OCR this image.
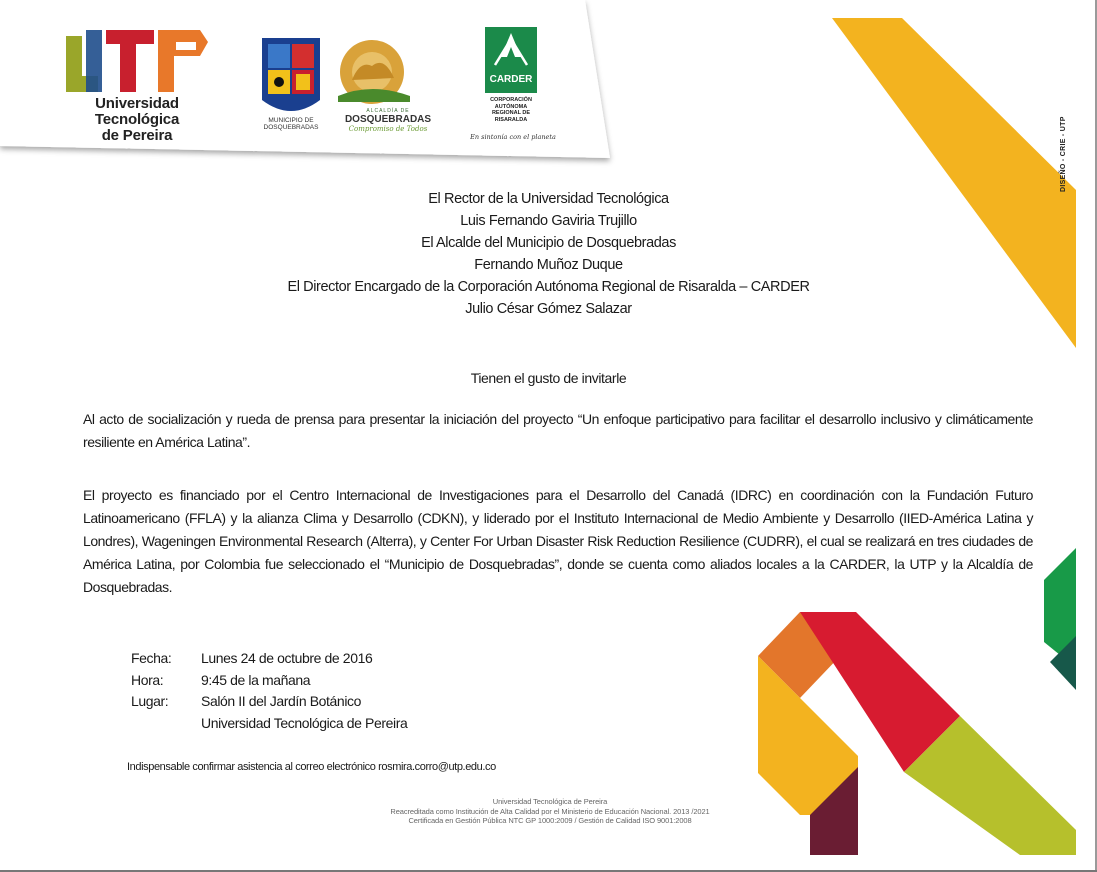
CARDER
CORPORACIÓN
AUTÓNOMA
REGIONAL DE
RISARALDA
En sintonía con el planeta
Universidad Tecnológica
de Pereira
MUNICIPIO DE
DOSQUEBRADAS
ALCALDÍA DE
DOSQUEBRADAS
Compromiso de Todos	DISEÑO - CRIE - UTP
El Rector de la Universidad Tecnológica
Luis Fernando Gaviria Trujillo
El Alcalde del Municipio de Dosquebradas
Fernando Muñoz Duque
El Director Encargado de la Corporación Autónoma Regional de Risaralda – CARDER
Julio César Gómez Salazar
Tienen el gusto de invitarle
Al acto de socialización y rueda de prensa para presentar la iniciación del proyecto “Un enfoque participativo para facilitar el desarrollo inclusivo y climáticamente resiliente en América Latina”.
El proyecto es financiado por el Centro Internacional de Investigaciones para el Desarrollo del Canadá (IDRC) en coordinación con la Fundación Futuro Latinoamericano (FFLA) y la alianza Clima y Desarrollo (CDKN), y liderado por el Instituto Internacional de Medio Ambiente y Desarrollo (IIED-América Latina y Londres), Wageningen Environmental Research (Alterra), y Center For Urban Disaster Risk Reduction Resilience (CUDRR), el cual se realizará en tres ciudades de América Latina, por Colombia fue seleccionado el “Municipio de Dosquebradas”, donde se cuenta como aliados locales a la CARDER, la UTP y la Alcaldía de Dosquebradas.
Fecha:	Lunes 24 de octubre de 2016
Hora:	9:45 de la mañana
Lugar:	Salón II del Jardín Botánico
Universidad Tecnológica de Pereira
Indispensable confirmar asistencia al correo electrónico rosmira.corro@utp.edu.co
Universidad Tecnológica de Pereira
Reacreditada como Institución de Alta Calidad por el Ministerio de Educación Nacional. 2013 /2021
Certificada en Gestión Pública NTC GP 1000:2009 / Gestión de Calidad ISO 9001:2008
